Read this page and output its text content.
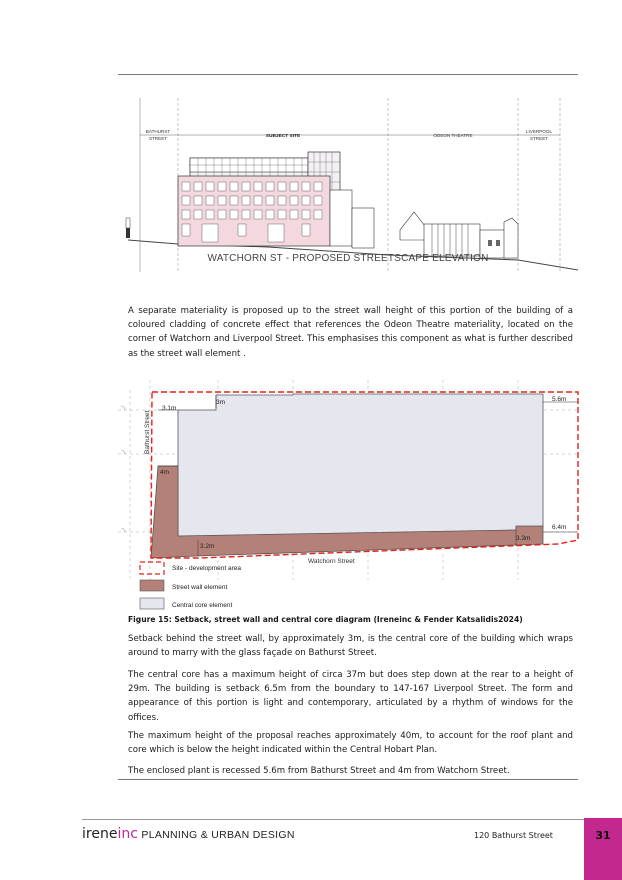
BATHURST
STREET	SUBJECT SITE	ODEON THEATRE
LIVERPOOL
STREET
WATCHORN ST - PROPOSED STREETSCAPE ELEVATION

A separate materiality is proposed up to the street wall height of this portion of the building of a coloured cladding of concrete effect that references the Odeon Theatre materiality, located on the corner of Watchorn and Liverpool Street. This emphasises this component as what is further described as the street wall element .

3m
3.1m
5.6m
4m
6.4m
3.2m
3.3m
Bathurst Street
Watchorn Street
Site - development area
Street wall element
Central core element

Figure 15: Setback, street wall and central core diagram (Ireneinc & Fender Katsalidis2024)

Setback behind the street wall, by approximately 3m, is the central core of the building which wraps around to marry with the glass façade on Bathurst Street.

The central core has a maximum height of circa 37m but does step down at the rear to a height of 29m. The building is setback 6.5m from the boundary to 147-167 Liverpool Street. The form and appearance of this portion is light and contemporary, articulated by a rhythm of windows for the offices.

The maximum height of the proposal reaches approximately 40m, to account for the roof plant and core which is below the height indicated within the Central Hobart Plan.

The enclosed plant is recessed 5.6m from Bathurst Street and 4m from Watchorn Street.

ireneinc PLANNING & URBAN DESIGN	120 Bathurst Street	31
